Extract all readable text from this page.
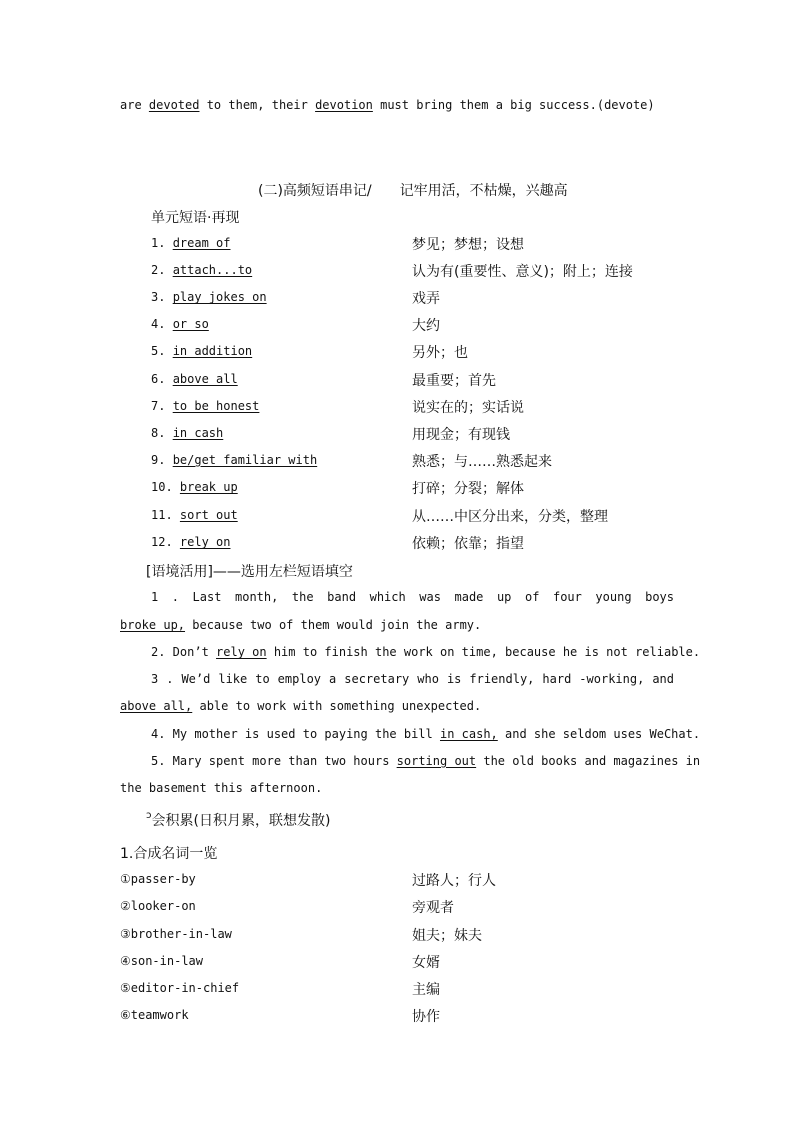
are devoted to them, their devotion must bring them a big success.(devote)
(二)高频短语串记/ 记牢用活，不枯燥，兴趣高
单元短语·再现
1. dream of	梦见；梦想；设想
2. attach...to	认为有(重要性、意义)；附上；连接
3. play jokes on	戏弄
4. or so	大约
5. in addition	另外；也
6. above all	最重要；首先
7. to be honest	说实在的；实话说
8. in cash	用现金；有现钱
9. be/get familiar with	熟悉；与……熟悉起来
10. break up	打碎；分裂；解体
11. sort out	从……中区分出来，分类，整理
12. rely on	依赖；依靠；指望
[语境活用]——选用左栏短语填空
1 . Last month, the band which was made up of four young boys
broke up, because two of them would join the army.
2. Don’t rely on him to finish the work on time, because he is not reliable.
3 . We’d like to employ a secretary who is friendly, hard -working, and
above all, able to work with something unexpected.
4. My mother is used to paying the bill in cash, and she seldom uses WeChat.
5. Mary spent more than two hours sorting out the old books and magazines in
the basement this afternoon.
$^ↄ$会积累(日积月累，联想发散)
1.合成名词一览
①passer-by	过路人；行人
②looker-on	旁观者
③brother-in-law	姐夫；妹夫
④son-in-law	女婿
⑤editor-in-chief	主编
⑥teamwork	协作
